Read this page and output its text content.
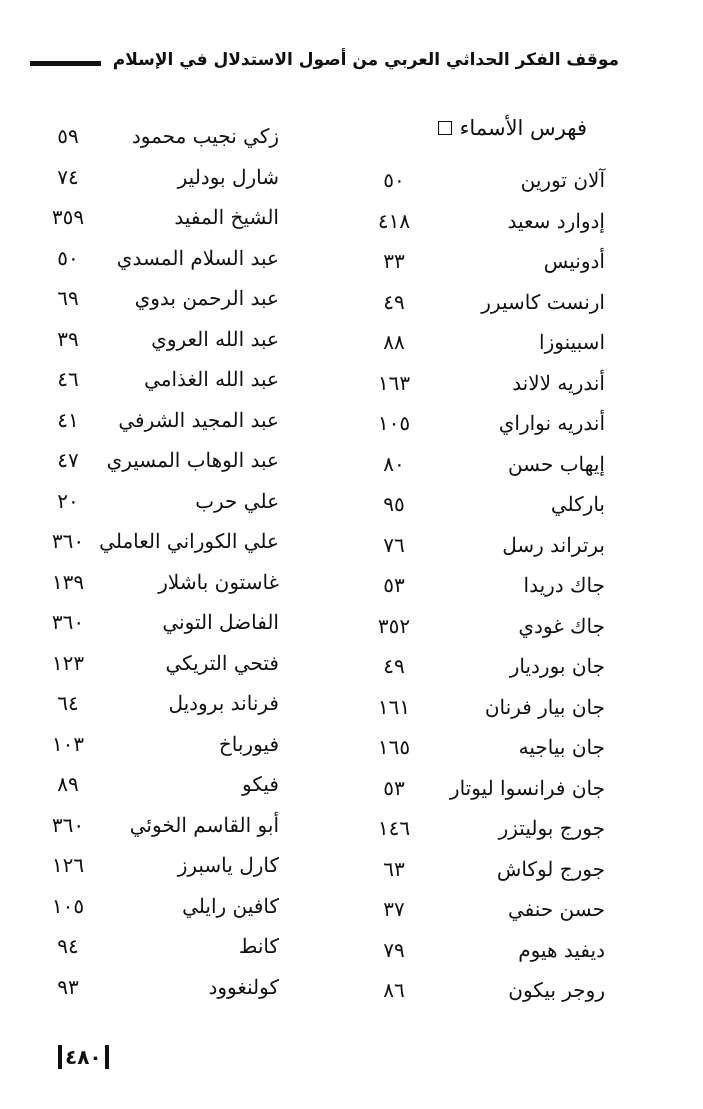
موقف الفكر الحداثي العربي من أصول الاستدلال في الإسلام
فهرس الأسماء
آلان تورين
٥٠
إدوارد سعيد
٤١٨
أدونيس
٣٣
ارنست كاسيرر
٤٩
اسبينوزا
٨٨
أندريه لالاند
١٦٣
أندريه نواراي
١٠٥
إيهاب حسن
٨٠
باركلي
٩٥
برتراند رسل
٧٦
جاك دريدا
٥٣
جاك غودي
٣٥٢
جان بورديار
٤٩
جان بيار فرنان
١٦١
جان بياجيه
١٦٥
جان فرانسوا ليوتار
٥٣
جورج بوليتزر
١٤٦
جورج لوكاش
٦٣
حسن حنفي
٣٧
ديفيد هيوم
٧٩
روجر بيكون
٨٦
زكي نجيب محمود
٥٩
شارل بودلير
٧٤
الشيخ المفيد
٣٥٩
عبد السلام المسدي
٥٠
عبد الرحمن بدوي
٦٩
عبد الله العروي
٣٩
عبد الله الغذامي
٤٦
عبد المجيد الشرفي
٤١
عبد الوهاب المسيري
٤٧
علي حرب
٢٠
علي الكوراني العاملي
٣٦٠
غاستون باشلار
١٣٩
الفاضل التوني
٣٦٠
فتحي التريكي
١٢٣
فرناند بروديل
٦٤
فيورباخ
١٠٣
فيكو
٨٩
أبو القاسم الخوئي
٣٦٠
كارل ياسبرز
١٢٦
كافين رايلي
١٠٥
كانط
٩٤
كولنغوود
٩٣
٤٨٠
